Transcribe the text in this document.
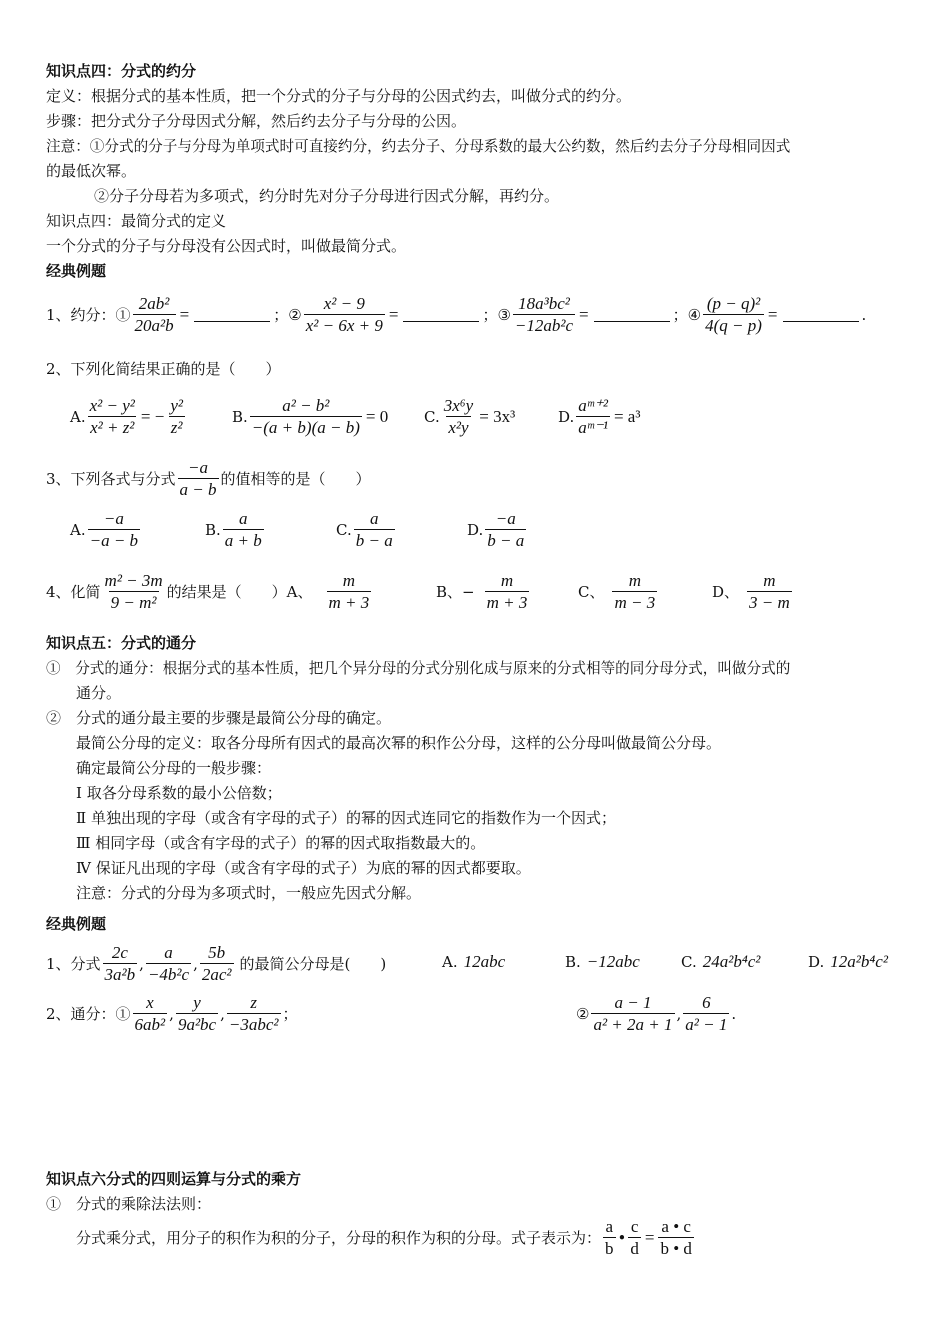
知识点四：分式的约分
定义：根据分式的基本性质，把一个分式的分子与分母的公因式约去，叫做分式的约分。
步骤：把分式分子分母因式分解，然后约去分子与分母的公因。
注意：①分式的分子与分母为单项式时可直接约分，约去分子、分母系数的最大公约数，然后约去分子分母相同因式
的最低次幂。
②分子分母若为多项式，约分时先对分子分母进行因式分解，再约分。
知识点四：最简分式的定义
一个分式的分子与分母没有公因式时，叫做最简分式。
经典例题
1、约分：① $\frac{\text{2ab²}}{\text{20a²b}}$ =	； ② $\frac{\text{x² − 9}}{\text{x² − 6x + 9}}$ =	； ③ $\frac{\text{18a³bc²}}{\text{−12ab²c}}$ =	； ④ $\frac{\text{(p − q)²}}{4(q - p)}$ =	.
2、下列化简结果正确的是（　　）
A. $\frac{\text{x² − y²}}{\text{x² + z²}}$ = − $\frac{\text{y²}}{\text{z²}}$	B. $\frac{\text{a² − b²}}{-(a + b)(a - b)} = 0$ C. $\frac{\text{3x⁶y}}{\text{x²y}} = 3x^3$	D. $\frac{\text{aᵐ⁺²}}{\text{aᵐ⁻¹}} = a^3$
3、下列各式与分式 $\frac{-a}{a - b}$ 的值相等的是（　　）
A. $\frac{-a}{-a - b}$	B. $\frac{a}{a + b}$	C. $\frac{a}{b - a}$	D. $\frac{-a}{b - a}$
4、化简 $\frac{\text{m² − 3m}}{\text{9 − m²}}$ 的结果是（　　）A、 $\frac{m}{m + 3}$	B、− $\frac{m}{m + 3}$	C、 $\frac{m}{m - 3}$	D、 $\frac{m}{3 - m}$
知识点五：分式的通分
①　分式的通分：根据分式的基本性质，把几个异分母的分式分别化成与原来的分式相等的同分母分式，叫做分式的
通分。
②　分式的通分最主要的步骤是最简公分母的确定。
最简公分母的定义：取各分母所有因式的最高次幂的积作公分母，这样的公分母叫做最简公分母。
确定最简公分母的一般步骤：
Ⅰ 取各分母系数的最小公倍数；
Ⅱ 单独出现的字母（或含有字母的式子）的幂的因式连同它的指数作为一个因式；
Ⅲ 相同字母（或含有字母的式子）的幂的因式取指数最大的。
Ⅳ 保证凡出现的字母（或含有字母的式子）为底的幂的因式都要取。
注意：分式的分母为多项式时，一般应先因式分解。
经典例题
1、分式 $\frac{2c}{\text{3a²b}}$ , $\frac{a}{\text{−4b²c}}$ , $\frac{5b}{\text{2ac²}}$ 的最简公分母是(　　)	A. 12abc	B. −12abc	C. 24a²b⁴c²	D. 12a²b⁴c²
2、通分：① $\frac{x}{\text{6ab²}}$ , $\frac{y}{\text{9a²bc}}$ , $\frac{z}{\text{−3abc²}}$ ；	② $\frac{a - 1}{\text{a² + 2a + 1}}$ , $\frac{6}{\text{a² − 1}}$ .
知识点六分式的四则运算与分式的乘方
①　分式的乘除法法则：
分式乘分式，用分子的积作为积的分子，分母的积作为积的分母。式子表示为： $\frac{a}{b}$ • $\frac{c}{d} = \frac{a • c}{b • d}$
